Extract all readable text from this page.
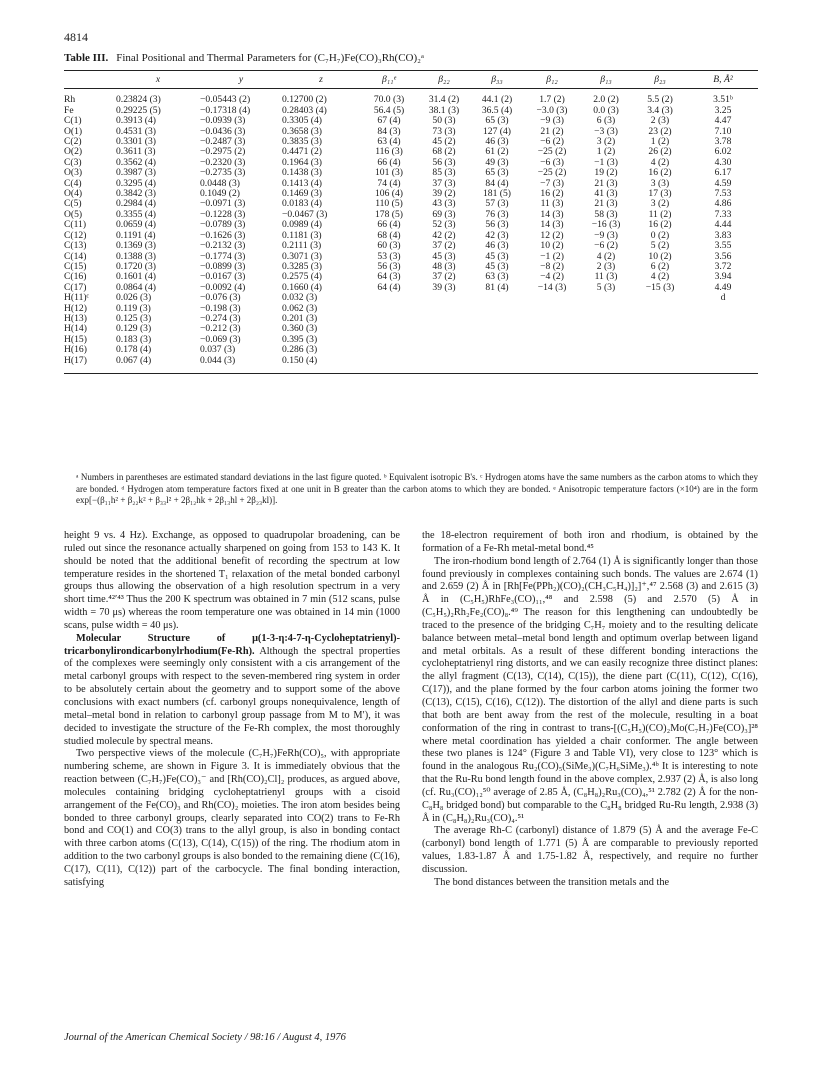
4814
Table III. Final Positional and Thermal Parameters for (C₇H₇)Fe(CO)₃Rh(CO)₂ᵃ
	x	y	z	β₁₁ᵉ	β₂₂	β₃₃	β₁₂	β₁₃	β₂₃	B, Å²
Rh	0.23824 (3)	−0.05443 (2)	0.12700 (2)	70.0 (3)	31.4 (2)	44.1 (2)	1.7 (2)	2.0 (2)	5.5 (2)	3.51ᵇ
Fe	0.29225 (5)	−0.17318 (4)	0.28403 (4)	56.4 (5)	38.1 (3)	36.5 (4)	−3.0 (3)	0.0 (3)	3.4 (3)	3.25
C(1)	0.3913 (4)	−0.0939 (3)	0.3305 (4)	67 (4)	50 (3)	65 (3)	−9 (3)	6 (3)	2 (3)	4.47
O(1)	0.4531 (3)	−0.0436 (3)	0.3658 (3)	84 (3)	73 (3)	127 (4)	21 (2)	−3 (3)	23 (2)	7.10
C(2)	0.3301 (3)	−0.2487 (3)	0.3835 (3)	63 (4)	45 (2)	46 (3)	−6 (2)	3 (2)	1 (2)	3.78
O(2)	0.3611 (3)	−0.2975 (2)	0.4471 (2)	116 (3)	68 (2)	61 (2)	−25 (2)	1 (2)	26 (2)	6.02
C(3)	0.3562 (4)	−0.2320 (3)	0.1964 (3)	66 (4)	56 (3)	49 (3)	−6 (3)	−1 (3)	4 (2)	4.30
O(3)	0.3987 (3)	−0.2735 (3)	0.1438 (3)	101 (3)	85 (3)	65 (3)	−25 (2)	19 (2)	16 (2)	6.17
C(4)	0.3295 (4)	0.0448 (3)	0.1413 (4)	74 (4)	37 (3)	84 (4)	−7 (3)	21 (3)	3 (3)	4.59
O(4)	0.3842 (3)	0.1049 (2)	0.1469 (3)	106 (4)	39 (2)	181 (5)	16 (2)	41 (3)	17 (3)	7.53
C(5)	0.2984 (4)	−0.0971 (3)	0.0183 (4)	110 (5)	43 (3)	57 (3)	11 (3)	21 (3)	3 (2)	4.86
O(5)	0.3355 (4)	−0.1228 (3)	−0.0467 (3)	178 (5)	69 (3)	76 (3)	14 (3)	58 (3)	11 (2)	7.33
C(11)	0.0659 (4)	−0.0789 (3)	0.0989 (4)	66 (4)	52 (3)	56 (3)	14 (3)	−16 (3)	16 (2)	4.44
C(12)	0.1191 (4)	−0.1626 (3)	0.1181 (3)	68 (4)	42 (2)	42 (3)	12 (2)	−9 (3)	0 (2)	3.83
C(13)	0.1369 (3)	−0.2132 (3)	0.2111 (3)	60 (3)	37 (2)	46 (3)	10 (2)	−6 (2)	5 (2)	3.55
C(14)	0.1388 (3)	−0.1774 (3)	0.3071 (3)	53 (3)	45 (3)	45 (3)	−1 (2)	4 (2)	10 (2)	3.56
C(15)	0.1720 (3)	−0.0899 (3)	0.3285 (3)	56 (3)	48 (3)	45 (3)	−8 (2)	2 (3)	6 (2)	3.72
C(16)	0.1601 (4)	−0.0167 (3)	0.2575 (4)	64 (3)	37 (2)	63 (3)	−4 (2)	11 (3)	4 (2)	3.94
C(17)	0.0864 (4)	−0.0092 (4)	0.1660 (4)	64 (4)	39 (3)	81 (4)	−14 (3)	5 (3)	−15 (3)	4.49
H(11)ᶜ	0.026 (3)	−0.076 (3)	0.032 (3)							d
H(12)	0.119 (3)	−0.198 (3)	0.062 (3)							
H(13)	0.125 (3)	−0.274 (3)	0.201 (3)							
H(14)	0.129 (3)	−0.212 (3)	0.360 (3)							
H(15)	0.183 (3)	−0.069 (3)	0.395 (3)							
H(16)	0.178 (4)	0.037 (3)	0.286 (3)							
H(17)	0.067 (4)	0.044 (3)	0.150 (4)							
ᵃ Numbers in parentheses are estimated standard deviations in the last figure quoted. ᵇ Equivalent isotropic B's. ᶜ Hydrogen atoms have the same numbers as the carbon atoms to which they are bonded. ᵈ Hydrogen atom temperature factors fixed at one unit in B greater than the carbon atoms to which they are bonded. ᵉ Anisotropic temperature factors (×10⁴) are in the form exp[−(β₁₁h² + β₂₂k² + β₃₃l² + 2β₁₂hk + 2β₁₃hl + 2β₂₃kl)].

height 9 vs. 4 Hz). Exchange, as opposed to quadrupolar broadening, can be ruled out since the resonance actually sharpened on going from 153 to 143 K. It should be noted that the additional benefit of recording the spectrum at low temperature resides in the shortened T₁ relaxation of the metal bonded carbonyl groups thus allowing the observation of a high resolution spectrum in a very short time.⁴²ʹ⁴³ Thus the 200 K spectrum was obtained in 7 min (512 scans, pulse width = 70 μs) whereas the room temperature one was obtained in 14 min (1000 scans, pulse width = 40 μs).

Molecular Structure of μ(1-3-η:4-7-η-Cycloheptatrienyl)-tricarbonylirondicarbonylrhodium(Fe-Rh). Although the spectral properties of the complexes were seemingly only consistent with a cis arrangement of the metal carbonyl groups with respect to the seven-membered ring system in order to be absolutely certain about the geometry and to support some of the above conclusions with exact numbers (cf. carbonyl groups nonequivalence, length of metal–metal bond in relation to carbonyl group passage from M to M′), it was decided to investigate the structure of the Fe-Rh complex, the most thoroughly studied molecule by spectral means.

Two perspective views of the molecule (C₇H₇)FeRh(CO)₅, with appropriate numbering scheme, are shown in Figure 3. It is immediately obvious that the reaction between (C₇H₇)Fe(CO)₃⁻ and [Rh(CO)₂Cl]₂ produces, as argued above, molecules containing bridging cycloheptatrienyl groups with a cisoid arrangement of the Fe(CO)₃ and Rh(CO)₂ moieties. The iron atom besides being bonded to three carbonyl groups, clearly separated into CO(2) trans to Fe-Rh bond and CO(1) and CO(3) trans to the allyl group, is also in bonding contact with three carbon atoms (C(13), C(14), C(15)) of the ring. The rhodium atom in addition to the two carbonyl groups is also bonded to the remaining diene (C(16), C(17), C(11), C(12)) part of the carbocycle. The final bonding interaction, satisfying

the 18-electron requirement of both iron and rhodium, is obtained by the formation of a Fe-Rh metal-metal bond.⁴⁵

The iron-rhodium bond length of 2.764 (1) Å is significantly longer than those found previously in complexes containing such bonds. The values are 2.674 (1) and 2.659 (2) Å in [Rh[Fe(PPh₂)(CO)₂(CH₃C₅H₄)]₂]⁺,⁴⁷ 2.568 (3) and 2.615 (3) Å in (C₅H₅)RhFe₃(CO)₁₁,⁴⁸ and 2.598 (5) and 2.570 (5) Å in (C₅H₅)₂Rh₂Fe₂(CO)₈.⁴⁹ The reason for this lengthening can undoubtedly be traced to the presence of the bridging C₇H₇ moiety and to the resulting delicate balance between metal–metal bond length and optimum overlap between ligand and metal orbitals. As a result of these different bonding interactions the cycloheptatrienyl ring distorts, and we can easily recognize three distinct planes: the allyl fragment (C(13), C(14), C(15)), the diene part (C(11), C(12), C(16), C(17)), and the plane formed by the four carbon atoms joining the former two (C(13), C(15), C(16), C(12)). The distortion of the allyl and diene parts is such that both are bent away from the rest of the molecule, resulting in a boat conformation of the ring in contrast to trans-[(C₅H₅)(CO)₂Mo(C₇H₇)Fe(CO)₃]²⁸ where metal coordination has yielded a chair conformer. The angle between these two planes is 124° (Figure 3 and Table VI), very close to 123° which is found in the analogous Ru₂(CO)₅(SiMe₃)(C₇H₆SiMe₃).⁴ᵇ It is interesting to note that the Ru-Ru bond length found in the above complex, 2.937 (2) Å, is also long (cf. Ru₃(CO)₁₂⁵⁰ average of 2.85 Å, (C₈H₈)₂Ru₃(CO)₄,⁵¹ 2.782 (2) Å for the non-C₈H₈ bridged bond) but comparable to the C₈H₈ bridged Ru-Ru length, 2.938 (3) Å in (C₈H₈)₂Ru₃(CO)₄.⁵¹

The average Rh-C (carbonyl) distance of 1.879 (5) Å and the average Fe-C (carbonyl) bond length of 1.771 (5) Å are comparable to previously reported values, 1.83-1.87 Å and 1.75-1.82 Å, respectively, and require no further discussion.

The bond distances between the transition metals and the

Journal of the American Chemical Society / 98:16 / August 4, 1976
